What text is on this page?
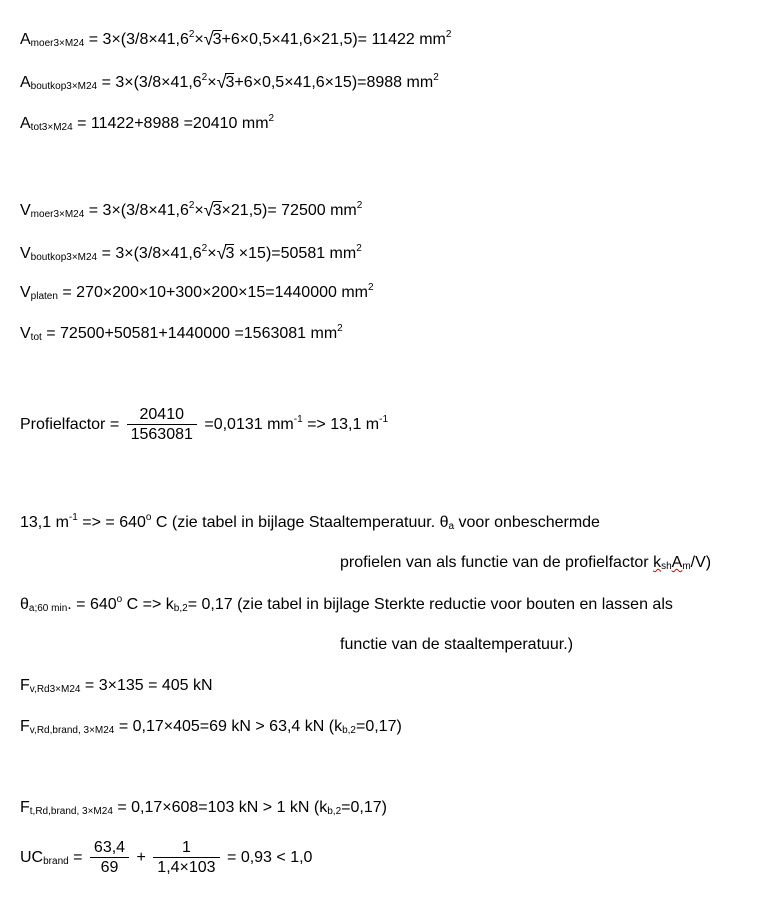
$A_{moer3\times M24} = 3\times(3/8\times 41,6^2\times√3+6\times 0,5\times 41,6\times 21,5)= 11422$ $mm^2$
$A_{boutkop3\times M24} = 3\times(3/8\times 41,6^2\times√3+6\times 0,5\times 41,6\times 15)=8988$ $mm^2$
$A_{tot3\times M24} = 11422+8988 =20410$ $mm^2$
$V_{moer3\times M24} = 3\times(3/8\times 41,6^2\times√3\times 21,5)= 72500$ $mm^2$
$V_{boutkop3\times M24} = 3\times(3/8\times 41,6^2\times√3 \times 15)=50581$ $mm^2$
$V_{platen} = 270\times 200\times 10+300\times 200\times 15=1440000$ $mm^2$
$V_{tot} = 72500+50581+1440000 =1563081$ $mm^2$
Profielfactor = $\frac{20410}{1563081} =0,0131$ $mm^{-1} => 13,1$ $m^{-1}$
13,1 $m^{-1}$ => = $640^o$ C (zie tabel in bijlage Staaltemperatuur. $\theta_a$ voor onbeschermde
profielen van als functie van de profielfactor $k_{sh}A_m/V$)
$\theta_{a;60 min}$. = $640^o$ $C => k_{b,2}= 0,17$ (zie tabel in bijlage Sterkte reductie voor bouten en lassen als
functie van de staaltemperatuur.)
$F_{v,Rd3\times M24} = 3\times 135 = 405$ kN
$F_{v,Rd,brand, 3\times M24} = 0,17\times 405=69$ kN > 63,4 kN $(k_{b,2}=0,17)$
$F_{t,Rd,brand, 3\times M24} = 0,17\times 608=103$ kN > 1 kN $(k_{b,2}=0,17)$
$UC_{brand} = \frac{63,4}{69} + \frac{1}{1,4\times 103} = 0,93 < 1,0$
